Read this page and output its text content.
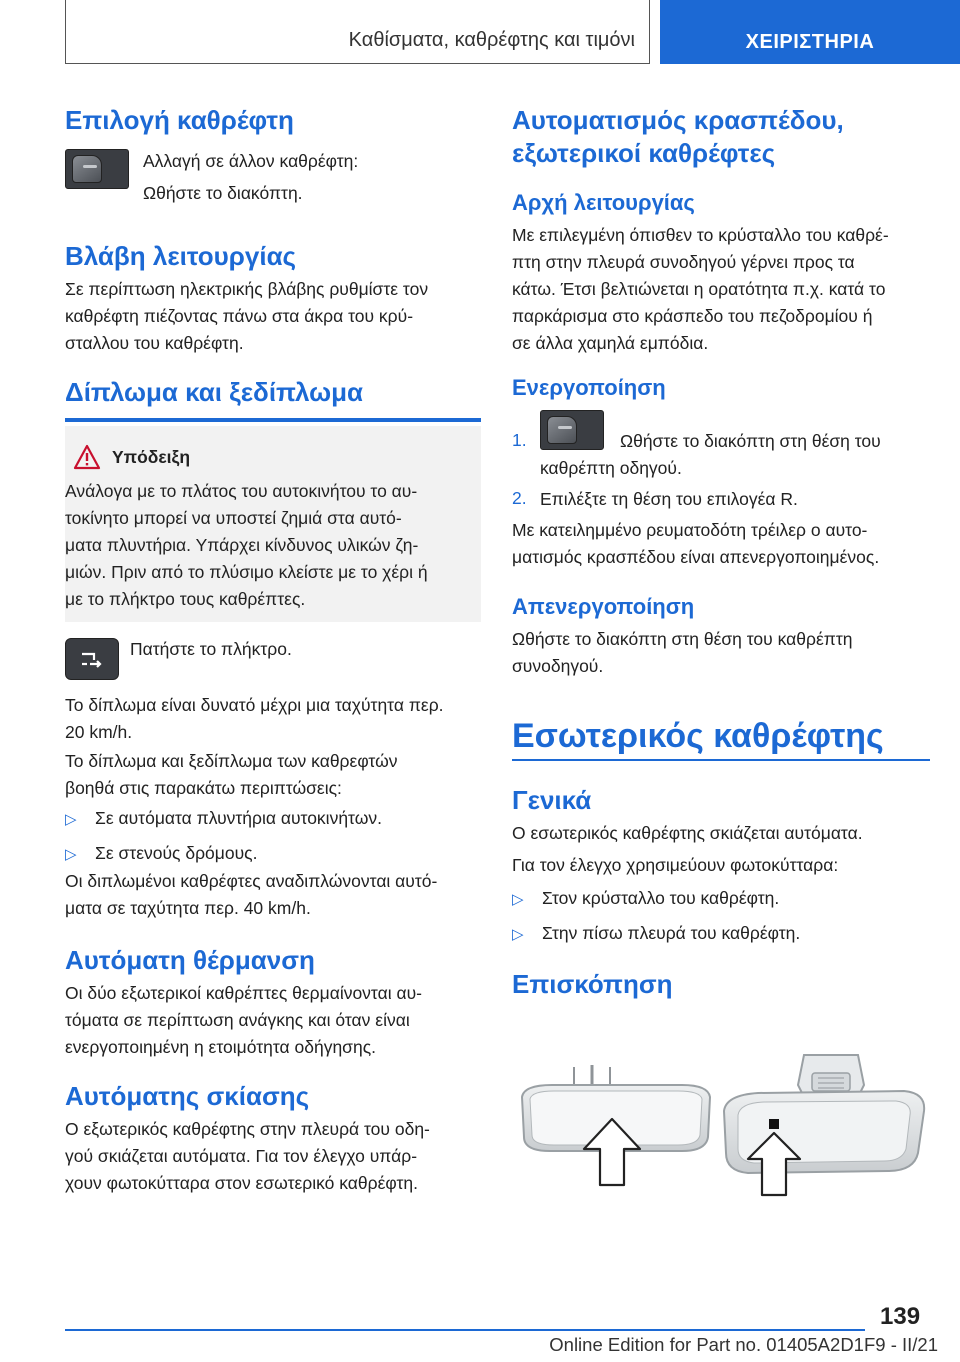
Καθίσματα, καθρέφτης και τιμόνι	ΧΕΙΡΙΣΤΗΡΙΑ
Επιλογή καθρέφτη

Αλλαγή σε άλλον καθρέφτη:

Ωθήστε το διακόπτη.

Βλάβη λειτουργίας

Σε περίπτωση ηλεκτρικής βλάβης ρυθμίστε τον

καθρέφτη πιέζοντας πάνω στα άκρα του κρύ-

σταλλου του καθρέφτη.

Δίπλωμα και ξεδίπλωμα
Υπόδειξη

Ανάλογα με το πλάτος του αυτοκινήτου το αυ-

τοκίνητο μπορεί να υποστεί ζημιά στα αυτό-

ματα πλυντήρια. Υπάρχει κίνδυνος υλικών ζη-

μιών. Πριν από το πλύσιμο κλείστε με το χέρι ή

με το πλήκτρο τους καθρέπτες.

Πατήστε το πλήκτρο.

Το δίπλωμα είναι δυνατό μέχρι μια ταχύτητα περ.

20 km/h.

Το δίπλωμα και ξεδίπλωμα των καθρεφτών

βοηθά στις παρακάτω περιπτώσεις:

▷ Σε αυτόματα πλυντήρια αυτοκινήτων.

▷ Σε στενούς δρόμους.

Οι διπλωμένοι καθρέφτες αναδιπλώνονται αυτό-

ματα σε ταχύτητα περ. 40 km/h.

Αυτόματη θέρμανση

Οι δύο εξωτερικοί καθρέπτες θερμαίνονται αυ-

τόματα σε περίπτωση ανάγκης και όταν είναι

ενεργοποιημένη η ετοιμότητα οδήγησης.

Αυτόματης σκίασης

Ο εξωτερικός καθρέφτης στην πλευρά του οδη-

γού σκιάζεται αυτόματα. Για τον έλεγχο υπάρ-

χουν φωτοκύτταρα στον εσωτερικό καθρέφτη.

Αυτοματισμός κρασπέδου,
εξωτερικοί καθρέφτες
Αρχή λειτουργίας

Με επιλεγμένη όπισθεν το κρύσταλλο του καθρέ-

πτη στην πλευρά συνοδηγού γέρνει προς τα

κάτω. Έτσι βελτιώνεται η ορατότητα π.χ. κατά το

παρκάρισμα στο κράσπεδο του πεζοδρομίου ή

σε άλλα χαμηλά εμπόδια.

Ενεργοποίηση
1.	Ωθήστε το διακόπτη στη θέση του

καθρέπτη οδηγού.

2. Επιλέξτε τη θέση του επιλογέα R.

Με κατειλημμένο ρευματοδότη τρέιλερ ο αυτο-

ματισμός κρασπέδου είναι απενεργοποιημένος.

Απενεργοποίηση

Ωθήστε το διακόπτη στη θέση του καθρέπτη

συνοδηγού.

Εσωτερικός καθρέφτης
Γενικά

Ο εσωτερικός καθρέφτης σκιάζεται αυτόματα.

Για τον έλεγχο χρησιμεύουν φωτοκύτταρα:

▷ Στον κρύσταλλο του καθρέφτη.

▷ Στην πίσω πλευρά του καθρέφτη.

Επισκόπηση
139
Online Edition for Part no. 01405A2D1F9 - II/21
